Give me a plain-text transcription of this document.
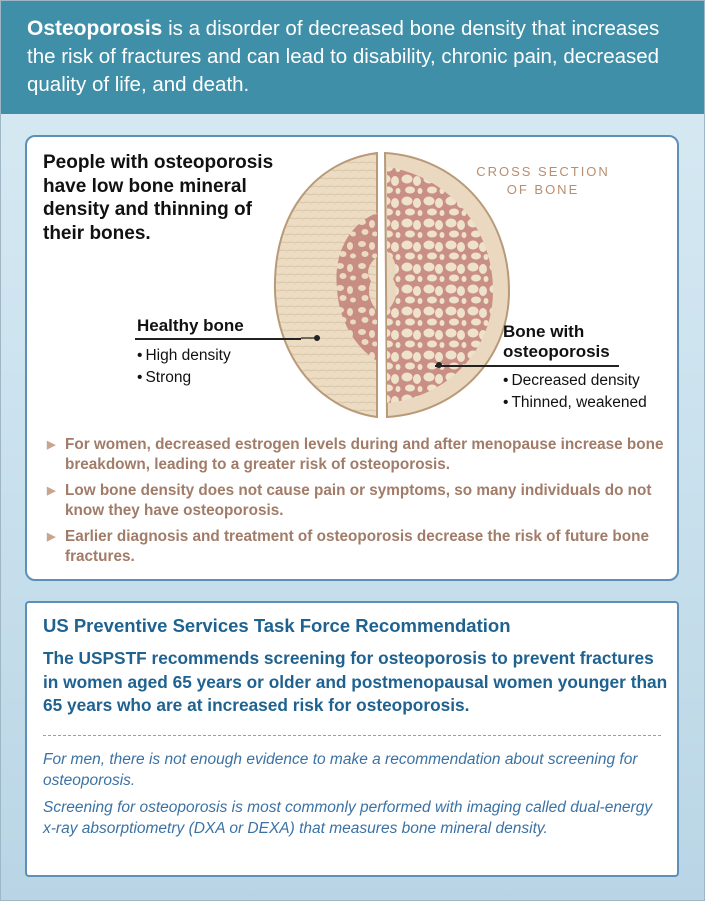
Osteoporosis is a disorder of decreased bone density that increases the risk of fractures and can lead to disability, chronic pain, decreased quality of life, and death.
People with osteoporosis have low bone mineral density and thinning of their bones.
CROSS SECTION
OF BONE
Healthy bone
• High density
• Strong
Bone with
osteoporosis
• Decreased density
• Thinned, weakened
▶ For women, decreased estrogen levels during and after menopause increase bone breakdown, leading to a greater risk of osteoporosis.
▶ Low bone density does not cause pain or symptoms, so many individuals do not know they have osteoporosis.
▶ Earlier diagnosis and treatment of osteoporosis decrease the risk of future bone fractures.
US Preventive Services Task Force Recommendation
The USPSTF recommends screening for osteoporosis to prevent fractures in women aged 65 years or older and postmenopausal women younger than 65 years who are at increased risk for osteoporosis.
For men, there is not enough evidence to make a recommendation about screening for osteoporosis.
Screening for osteoporosis is most commonly performed with imaging called dual-energy x-ray absorptiometry (DXA or DEXA) that measures bone mineral density.
